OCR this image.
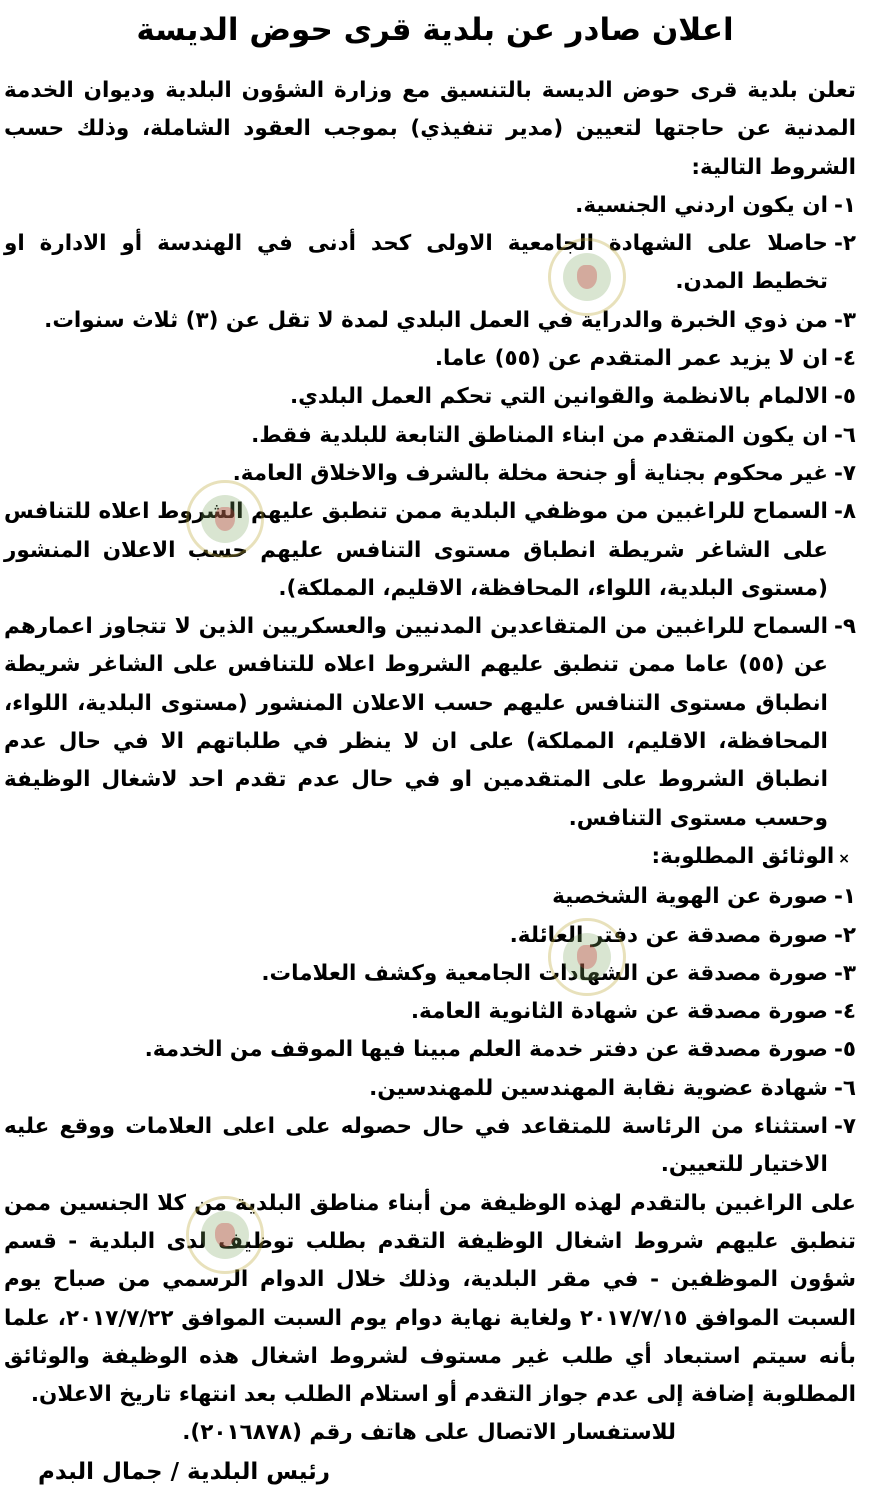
اعلان صادر عن بلدية قرى حوض الديسة

تعلن بلدية قرى حوض الديسة بالتنسيق مع وزارة الشؤون البلدية وديوان الخدمة المدنية عن حاجتها لتعيين (مدير تنفيذي) بموجب العقود الشاملة، وذلك حسب الشروط التالية:

١-
ان يكون اردني الجنسية.
٢-
حاصلا على الشهادة الجامعية الاولى كحد أدنى في الهندسة أو الادارة او تخطيط المدن.
٣-
من ذوي الخبرة والدراية في العمل البلدي لمدة لا تقل عن (٣) ثلاث سنوات.
٤-
ان لا يزيد عمر المتقدم عن (٥٥) عاما.
٥-
الالمام بالانظمة والقوانين التي تحكم العمل البلدي.
٦-
ان يكون المتقدم من ابناء المناطق التابعة للبلدية فقط.
٧-
غير محكوم بجناية أو جنحة مخلة بالشرف والاخلاق العامة.
٨-
السماح للراغبين من موظفي البلدية ممن تنطبق عليهم الشروط اعلاه للتنافس على الشاغر شريطة انطباق مستوى التنافس عليهم حسب الاعلان المنشور (مستوى البلدية، اللواء، المحافظة، الاقليم، المملكة).
٩-
السماح للراغبين من المتقاعدين المدنيين والعسكريين الذين لا تتجاوز اعمارهم عن (٥٥) عاما ممن تنطبق عليهم الشروط اعلاه للتنافس على الشاغر شريطة انطباق مستوى التنافس عليهم حسب الاعلان المنشور (مستوى البلدية، اللواء، المحافظة، الاقليم، المملكة) على ان لا ينظر في طلباتهم الا في حال عدم انطباق الشروط على المتقدمين او في حال عدم تقدم احد لاشغال الوظيفة وحسب مستوى التنافس.

×الوثائق المطلوبة:

١-
صورة عن الهوية الشخصية
٢-
صورة مصدقة عن دفتر العائلة.
٣-
صورة مصدقة عن الشهادات الجامعية وكشف العلامات.
٤-
صورة مصدقة عن شهادة الثانوية العامة.
٥-
صورة مصدقة عن دفتر خدمة العلم مبينا فيها الموقف من الخدمة.
٦-
شهادة عضوية نقابة المهندسين للمهندسين.
٧-
استثناء من الرئاسة للمتقاعد في حال حصوله على اعلى العلامات ووقع عليه الاختيار للتعيين.

على الراغبين بالتقدم لهذه الوظيفة من أبناء مناطق البلدية من كلا الجنسين ممن تنطبق عليهم شروط اشغال الوظيفة التقدم بطلب توظيف لدى البلدية - قسم شؤون الموظفين - في مقر البلدية، وذلك خلال الدوام الرسمي من صباح يوم السبت الموافق ٢٠١٧/٧/١٥ ولغاية نهاية دوام يوم السبت الموافق ٢٠١٧/٧/٢٢، علما بأنه سيتم استبعاد أي طلب غير مستوف لشروط اشغال هذه الوظيفة والوثائق المطلوبة إضافة إلى عدم جواز التقدم أو استلام الطلب بعد انتهاء تاريخ الاعلان.

للاستفسار الاتصال على هاتف رقم (٢٠١٦٨٧٨).

رئيس البلدية / جمال البدم
